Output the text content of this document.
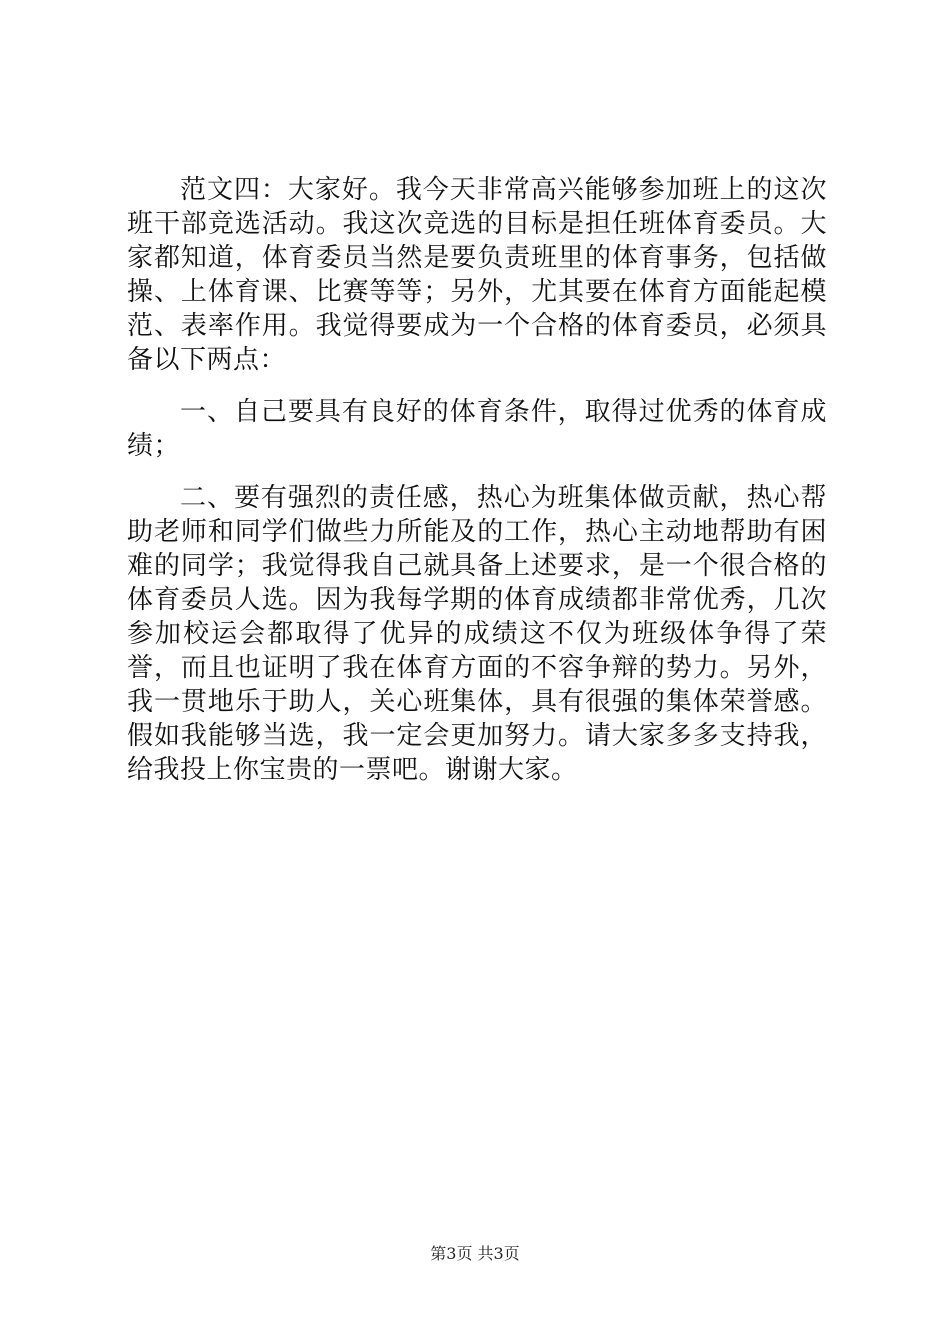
范文四：大家好。我今天非常高兴能够参加班上的这次班干部竞选活动。我这次竞选的目标是担任班体育委员。大家都知道，体育委员当然是要负责班里的体育事务，包括做操、上体育课、比赛等等；另外，尤其要在体育方面能起模范、表率作用。我觉得要成为一个合格的体育委员，必须具备以下两点：

一、自己要具有良好的体育条件，取得过优秀的体育成绩；

二、要有强烈的责任感，热心为班集体做贡献，热心帮助老师和同学们做些力所能及的工作，热心主动地帮助有困难的同学；我觉得我自己就具备上述要求，是一个很合格的体育委员人选。因为我每学期的体育成绩都非常优秀，几次参加校运会都取得了优异的成绩这不仅为班级体争得了荣誉，而且也证明了我在体育方面的不容争辩的势力。另外，我一贯地乐于助人，关心班集体，具有很强的集体荣誉感。假如我能够当选，我一定会更加努力。请大家多多支持我，给我投上你宝贵的一票吧。谢谢大家。

第3页 共3页
